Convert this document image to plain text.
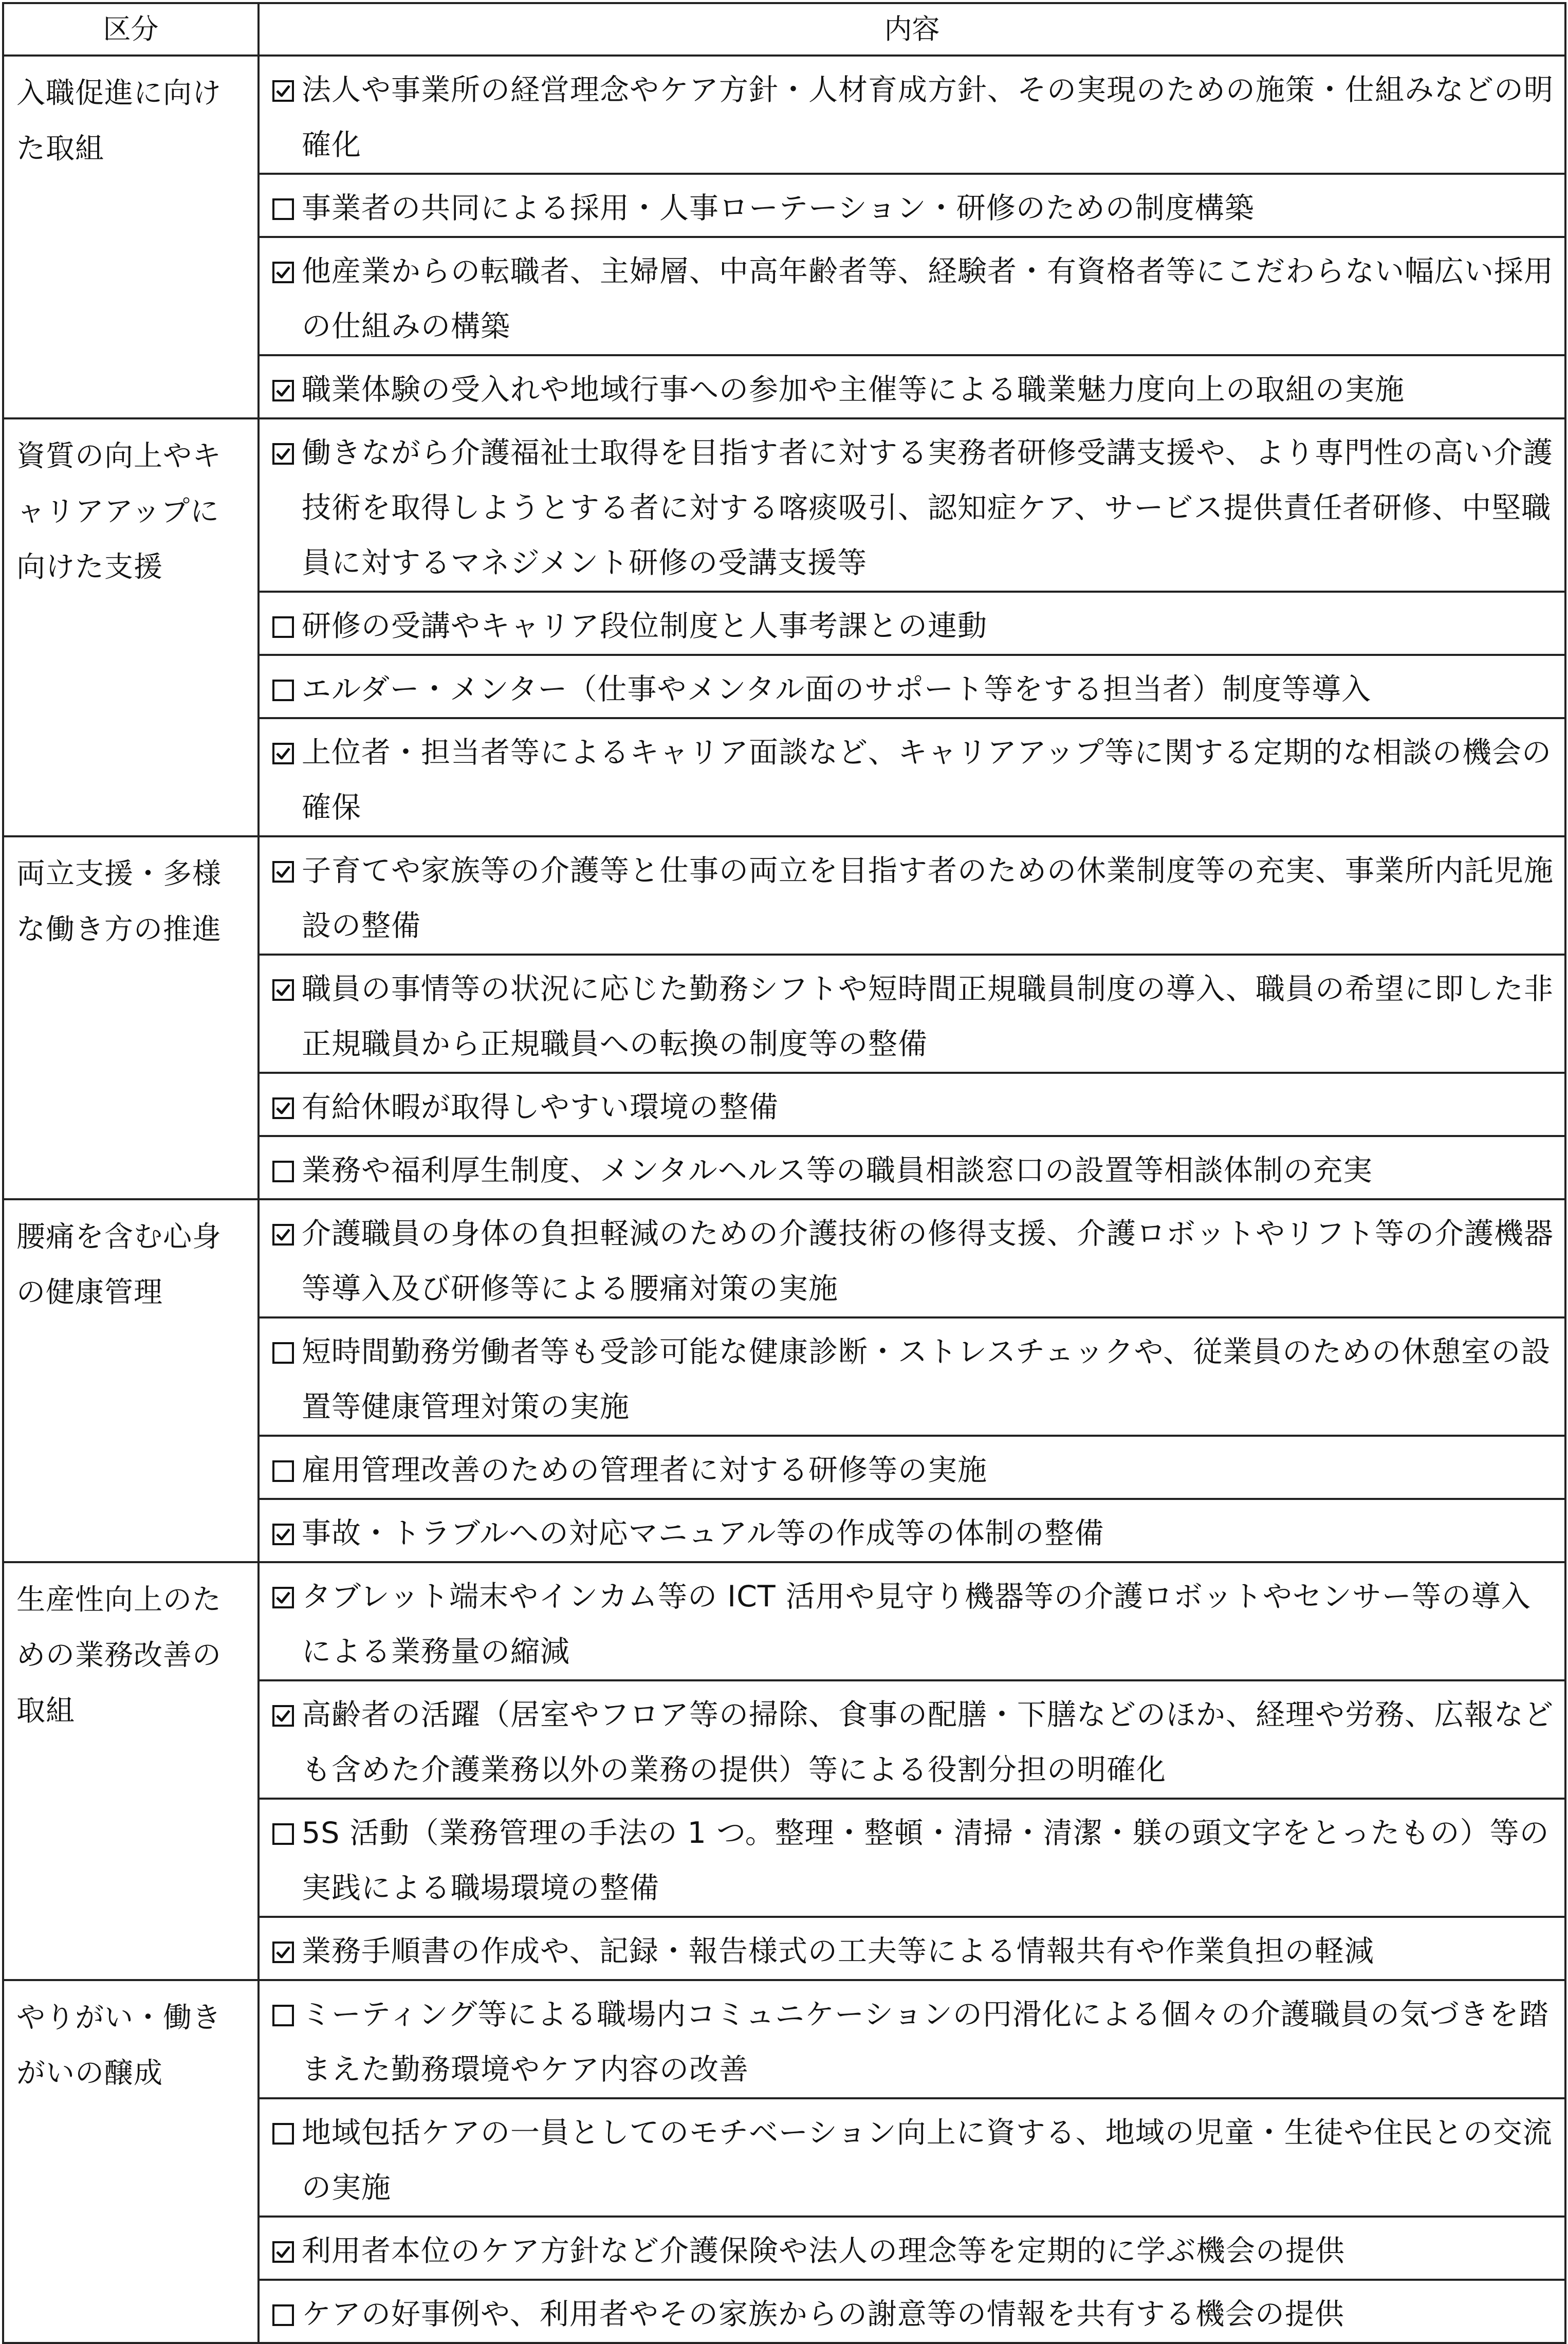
区分	内容
入職促進に向けた取組	法人や事業所の経営理念やケア方針・人材育成方針、その実現のための施策・仕組みなどの明確化

	事業者の共同による採用・人事ローテーション・研修のための制度構築

	他産業からの転職者、主婦層、中高年齢者等、経験者・有資格者等にこだわらない幅広い採用の仕組みの構築

	職業体験の受入れや地域行事への参加や主催等による職業魅力度向上の取組の実施

資質の向上やキャリアアップに向けた支援	働きながら介護福祉士取得を目指す者に対する実務者研修受講支援や、より専門性の高い介護技術を取得しようとする者に対する喀痰吸引、認知症ケア、サービス提供責任者研修、中堅職員に対するマネジメント研修の受講支援等

	研修の受講やキャリア段位制度と人事考課との連動

	エルダー・メンター（仕事やメンタル面のサポート等をする担当者）制度等導入

	上位者・担当者等によるキャリア面談など、キャリアアップ等に関する定期的な相談の機会の確保

両立支援・多様な働き方の推進	子育てや家族等の介護等と仕事の両立を目指す者のための休業制度等の充実、事業所内託児施設の整備

	職員の事情等の状況に応じた勤務シフトや短時間正規職員制度の導入、職員の希望に即した非正規職員から正規職員への転換の制度等の整備

	有給休暇が取得しやすい環境の整備

	業務や福利厚生制度、メンタルヘルス等の職員相談窓口の設置等相談体制の充実

腰痛を含む心身の健康管理	介護職員の身体の負担軽減のための介護技術の修得支援、介護ロボットやリフト等の介護機器等導入及び研修等による腰痛対策の実施

	短時間勤務労働者等も受診可能な健康診断・ストレスチェックや、従業員のための休憩室の設置等健康管理対策の実施

	雇用管理改善のための管理者に対する研修等の実施

	事故・トラブルへの対応マニュアル等の作成等の体制の整備

生産性向上のための業務改善の取組	タブレット端末やインカム等の ICT 活用や見守り機器等の介護ロボットやセンサー等の導入による業務量の縮減

	高齢者の活躍（居室やフロア等の掃除、食事の配膳・下膳などのほか、経理や労務、広報なども含めた介護業務以外の業務の提供）等による役割分担の明確化

	5S 活動（業務管理の手法の 1 つ。整理・整頓・清掃・清潔・躾の頭文字をとったもの）等の実践による職場環境の整備

	業務手順書の作成や、記録・報告様式の工夫等による情報共有や作業負担の軽減

やりがい・働きがいの醸成	ミーティング等による職場内コミュニケーションの円滑化による個々の介護職員の気づきを踏まえた勤務環境やケア内容の改善

	地域包括ケアの一員としてのモチベーション向上に資する、地域の児童・生徒や住民との交流の実施

	利用者本位のケア方針など介護保険や法人の理念等を定期的に学ぶ機会の提供

	ケアの好事例や、利用者やその家族からの謝意等の情報を共有する機会の提供
